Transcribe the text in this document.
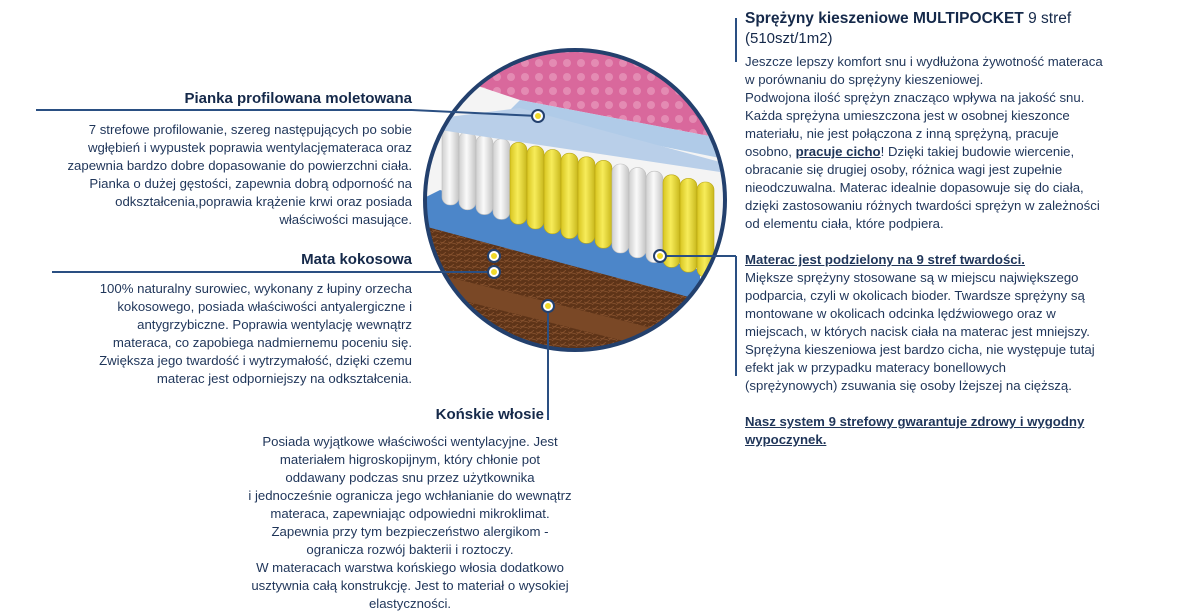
Pianka profilowana moletowana

7 strefowe profilowanie, szereg następujących po sobie

wgłębień i wypustek poprawia wentylacjęmateraca oraz

zapewnia bardzo dobre dopasowanie do powierzchni ciała.

Pianka o dużej gęstości, zapewnia dobrą odporność na

odkształcenia,poprawia krążenie krwi oraz posiada

właściwości masujące.

Mata kokosowa

100% naturalny surowiec, wykonany z łupiny orzecha

kokosowego, posiada właściwości antyalergiczne i

antygrzybiczne. Poprawia wentylację wewnątrz

materaca, co zapobiega nadmiernemu poceniu się.

Zwiększa jego twardość i wytrzymałość, dzięki czemu

materac jest odporniejszy na odkształcenia.

Końskie włosie

Posiada wyjątkowe właściwości wentylacyjne. Jest

materiałem higroskopijnym, który chłonie pot

oddawany podczas snu przez użytkownika

i jednocześnie ogranicza jego wchłanianie do wewnątrz

materaca, zapewniając odpowiedni mikroklimat.

Zapewnia przy tym bezpieczeństwo alergikom -

ogranicza rozwój bakterii i roztoczy.

W materacach warstwa końskiego włosia dodatkowo

usztywnia całą konstrukcję. Jest to materiał o wysokiej

elastyczności.

Sprężyny kieszeniowe MULTIPOCKET 9 stref

(510szt/1m2)

Jeszcze lepszy komfort snu i wydłużona żywotność materaca

w porównaniu do sprężyny kieszeniowej.

Podwojona ilość sprężyn znacząco wpływa na jakość snu.

Każda sprężyna umieszczona jest w osobnej kieszonce

materiału, nie jest połączona z inną sprężyną, pracuje

osobno, pracuje cicho! Dzięki takiej budowie wiercenie,

obracanie się drugiej osoby, różnica wagi jest zupełnie

nieodczuwalna. Materac idealnie dopasowuje się do ciała,

dzięki zastosowaniu różnych twardości sprężyn w zależności

od elementu ciała, które podpiera.

Materac jest podzielony na 9 stref twardości.

Miększe sprężyny stosowane są w miejscu największego

podparcia, czyli w okolicach bioder. Twardsze sprężyny są

montowane w okolicach odcinka lędźwiowego oraz w

miejscach, w których nacisk ciała na materac jest mniejszy.

Sprężyna kieszeniowa jest bardzo cicha, nie występuje tutaj

efekt jak w przypadku materacy bonellowych

(sprężynowych) zsuwania się osoby lżejszej na cięższą.

Nasz system 9 strefowy gwarantuje zdrowy i wygodny

wypoczynek.
